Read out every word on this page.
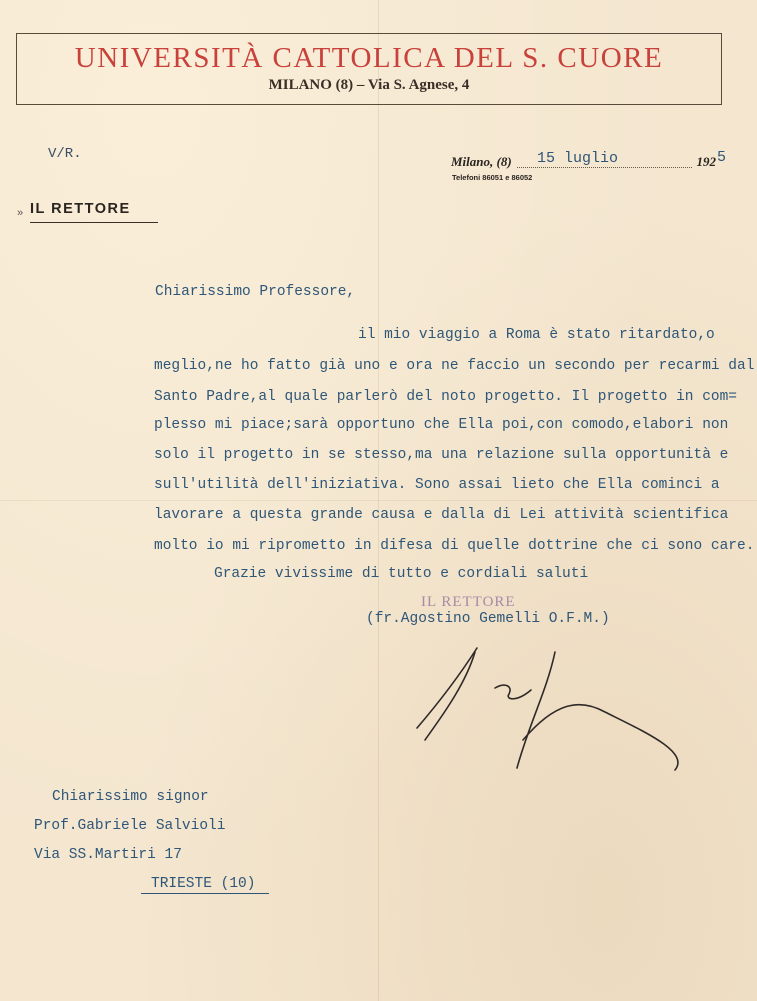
UNIVERSITÀ CATTOLICA DEL S. CUORE
MILANO (8) – Via S. Agnese, 4
V/R.	Milano, (8) 15 luglio	192 5
Telefoni 86051 e 86052
» IL RETTORE
Chiarissimo Professore,
il mio viaggio a Roma è stato ritardato,o
meglio,ne ho fatto già uno e ora ne faccio un secondo per recarmi dal
Santo Padre,al quale parlerò del noto progetto. Il progetto in com=
plesso mi piace;sarà opportuno che Ella poi,con comodo,elabori non
solo il progetto in se stesso,ma una relazione sulla opportunità e
sull'utilità dell'iniziativa. Sono assai lieto che Ella cominci a
lavorare a questa grande causa e dalla di Lei attività scientifica
molto io mi riprometto in difesa di quelle dottrine che ci sono care.
Grazie vivissime di tutto e cordiali saluti
IL RETTORE
(fr.Agostino Gemelli O.F.M.)
Chiarissimo signor
Prof.Gabriele Salvioli
Via SS.Martiri 17
TRIESTE (10)
